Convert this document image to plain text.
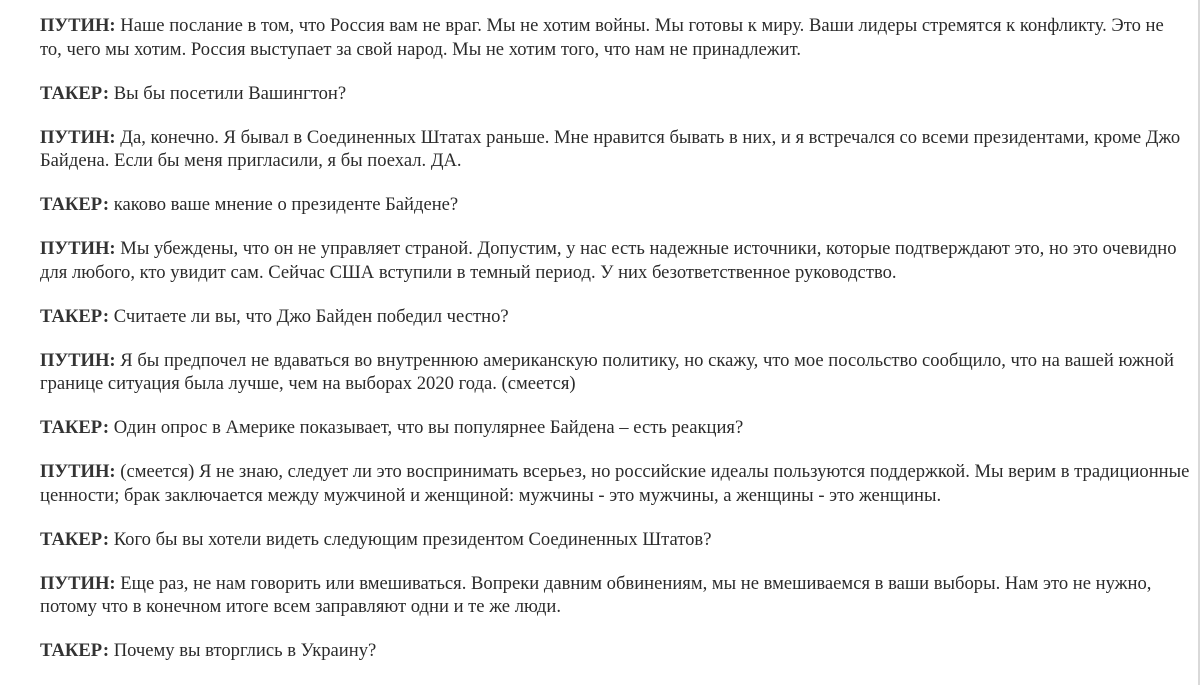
ПУТИН: Наше послание в том, что Россия вам не враг. Мы не хотим войны. Мы готовы к миру. Ваши лидеры стремятся к конфликту. Это не то, чего мы хотим. Россия выступает за свой народ. Мы не хотим того, что нам не принадлежит.

ТАКЕР: Вы бы посетили Вашингтон?

ПУТИН: Да, конечно. Я бывал в Соединенных Штатах раньше. Мне нравится бывать в них, и я встречался со всеми президентами, кроме Джо Байдена. Если бы меня пригласили, я бы поехал. ДА.

ТАКЕР: каково ваше мнение о президенте Байдене?

ПУТИН: Мы убеждены, что он не управляет страной. Допустим, у нас есть надежные источники, которые подтверждают это, но это очевидно для любого, кто увидит сам. Сейчас США вступили в темный период. У них безответственное руководство.

ТАКЕР: Считаете ли вы, что Джо Байден победил честно?

ПУТИН: Я бы предпочел не вдаваться во внутреннюю американскую политику, но скажу, что мое посольство сообщило, что на вашей южной границе ситуация была лучше, чем на выборах 2020 года. (смеется)

ТАКЕР: Один опрос в Америке показывает, что вы популярнее Байдена – есть реакция?

ПУТИН: (смеется) Я не знаю, следует ли это воспринимать всерьез, но российские идеалы пользуются поддержкой. Мы верим в традиционные ценности; брак заключается между мужчиной и женщиной: мужчины - это мужчины, а женщины - это женщины.

ТАКЕР: Кого бы вы хотели видеть следующим президентом Соединенных Штатов?

ПУТИН: Еще раз, не нам говорить или вмешиваться. Вопреки давним обвинениям, мы не вмешиваемся в ваши выборы. Нам это не нужно, потому что в конечном итоге всем заправляют одни и те же люди.

ТАКЕР: Почему вы вторглись в Украину?
